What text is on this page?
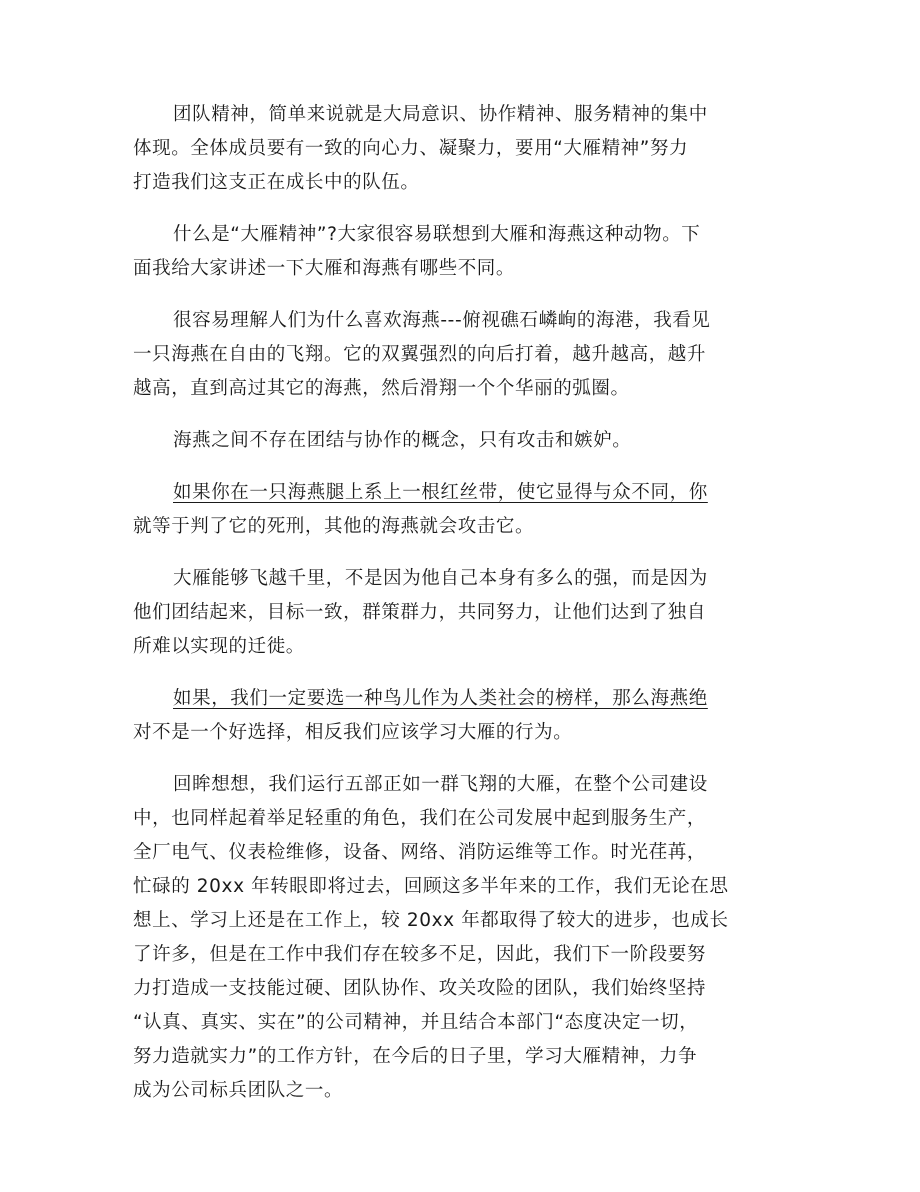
团队精神，简单来说就是大局意识、协作精神、服务精神的集中
体现。全体成员要有一致的向心力、凝聚力，要用“大雁精神”努力
打造我们这支正在成长中的队伍。
什么是“大雁精神”?大家很容易联想到大雁和海燕这种动物。下
面我给大家讲述一下大雁和海燕有哪些不同。
很容易理解人们为什么喜欢海燕---俯视礁石嶙峋的海港，我看见
一只海燕在自由的飞翔。它的双翼强烈的向后打着，越升越高，越升
越高，直到高过其它的海燕，然后滑翔一个个华丽的弧圈。
海燕之间不存在团结与协作的概念，只有攻击和嫉妒。
如果你在一只海燕腿上系上一根红丝带，使它显得与众不同，你
就等于判了它的死刑，其他的海燕就会攻击它。
大雁能够飞越千里，不是因为他自己本身有多么的强，而是因为
他们团结起来，目标一致，群策群力，共同努力，让他们达到了独自
所难以实现的迁徙。
如果，我们一定要选一种鸟儿作为人类社会的榜样，那么海燕绝
对不是一个好选择，相反我们应该学习大雁的行为。
回眸想想，我们运行五部正如一群飞翔的大雁，在整个公司建设
中，也同样起着举足轻重的角色，我们在公司发展中起到服务生产，
全厂电气、仪表检维修，设备、网络、消防运维等工作。时光荏苒，
忙碌的 20xx 年转眼即将过去，回顾这多半年来的工作，我们无论在思
想上、学习上还是在工作上，较 20xx 年都取得了较大的进步，也成长
了许多，但是在工作中我们存在较多不足，因此，我们下一阶段要努
力打造成一支技能过硬、团队协作、攻关攻险的团队，我们始终坚持
“认真、真实、实在”的公司精神，并且结合本部门“态度决定一切，
努力造就实力”的工作方针，在今后的日子里，学习大雁精神，力争
成为公司标兵团队之一。
